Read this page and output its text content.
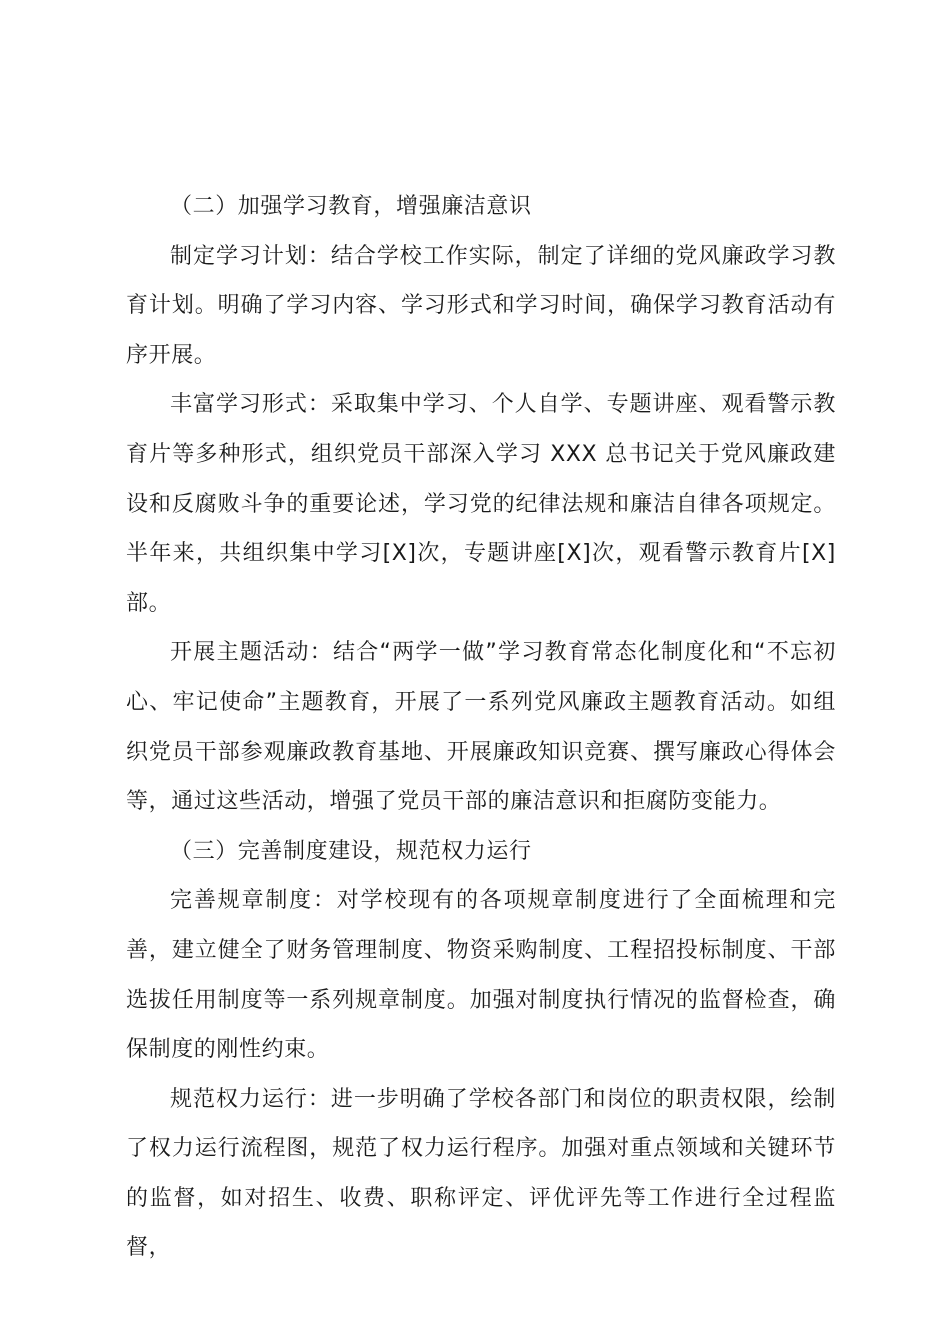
（二）加强学习教育，增强廉洁意识

制定学习计划：结合学校工作实际，制定了详细的党风廉政学习教育计划。明确了学习内容、学习形式和学习时间，确保学习教育活动有序开展。

丰富学习形式：采取集中学习、个人自学、专题讲座、观看警示教育片等多种形式，组织党员干部深入学习 XXX 总书记关于党风廉政建设和反腐败斗争的重要论述，学习党的纪律法规和廉洁自律各项规定。半年来，共组织集中学习[X]次，专题讲座[X]次，观看警示教育片[X]部。

开展主题活动：结合“两学一做”学习教育常态化制度化和“不忘初心、牢记使命”主题教育，开展了一系列党风廉政主题教育活动。如组织党员干部参观廉政教育基地、开展廉政知识竞赛、撰写廉政心得体会等，通过这些活动，增强了党员干部的廉洁意识和拒腐防变能力。

（三）完善制度建设，规范权力运行

完善规章制度：对学校现有的各项规章制度进行了全面梳理和完善，建立健全了财务管理制度、物资采购制度、工程招投标制度、干部选拔任用制度等一系列规章制度。加强对制度执行情况的监督检查，确保制度的刚性约束。

规范权力运行：进一步明确了学校各部门和岗位的职责权限，绘制了权力运行流程图，规范了权力运行程序。加强对重点领域和关键环节的监督，如对招生、收费、职称评定、评优评先等工作进行全过程监督，
